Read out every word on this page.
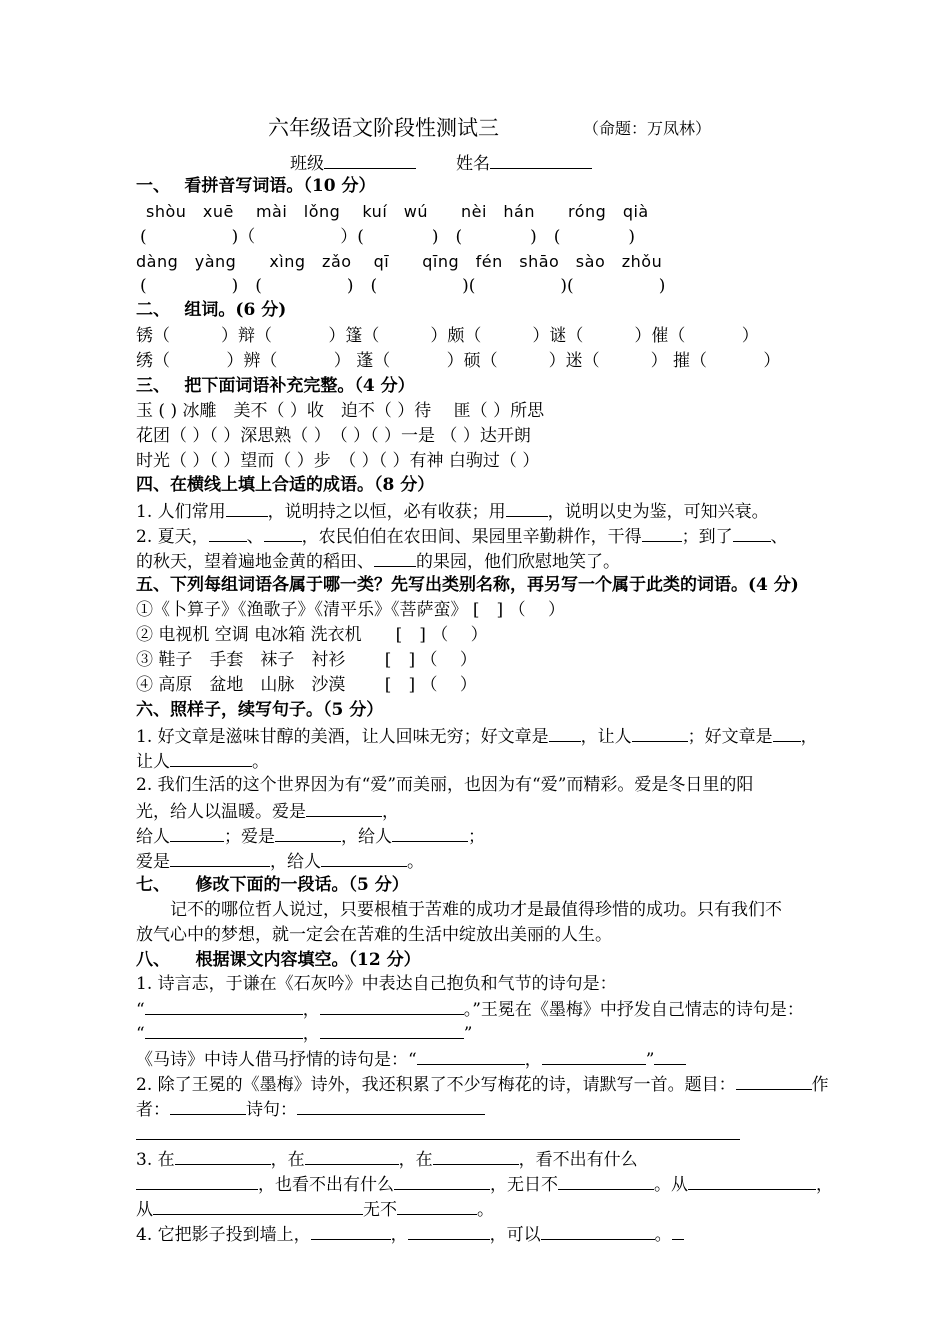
六年级语文阶段性测试三	（命题：万凤林）
班级	姓名
一、　 看拼音写词语。（10 分）
shòu　xuē　 mài　lǒng　 kuí　wú　　nèi　hán　　róng　qià
(　　　　　)（　　　　　）(　　　　)　(　　　　)　(　　　　)
dàng　yàng　　xìng　zǎo　 qī　　qīng　fén　shāo　sào　zhǒu
(　　　　　)　(　　　　　)　(　　　　　)(　　　　　)(　　　　　)
二、　 组词。(6 分)
锈（　　　）辩（　　　 ）篷（　　　）颇（　　　）谜（　　　）催（　　　 ）
绣（　　　 ）辨（　　　 ） 蓬（　　　 ）硕（　　　）迷（　　　） 摧（　　　 ）
三、　 把下面词语补充完整。（4 分）
玉 ( ) 冰雕　美不（ ）收　迫不（ ）待　 匪（ ）所思
花团（ ）（ ）深思熟（ ）　（ ）（ ）一是 （ ）达开朗
时光（ ）（ ）望而（ ）步　（ ）（ ）有神 白驹过（ ）
四、在横线上填上合适的成语。（8 分）
1. 人们常用 ，说明持之以恒，必有收获；用 ，说明以史为鉴，可知兴衰。
2. 夏天， 、 ，农民伯伯在农田间、果园里辛勤耕作，干得 ；到了 、
的秋天，望着遍地金黄的稻田、 的果园，他们欣慰地笑了。
五、下列每组词语各属于哪一类？先写出类别名称，再另写一个属于此类的词语。(4 分)
①《卜算子》《渔歌子》《清平乐》《菩萨蛮》 [　] （　 ）
② 电视机 空调 电冰箱 洗衣机　　[　] （　 ）
③ 鞋子　手套　袜子　衬衫　　 [　] （　 ）
④ 高原　盆地　山脉　沙漠　　 [　] （　 ）
六、照样子，续写句子。（5 分）
1. 好文章是滋味甘醇的美酒，让人回味无穷；好文章是 ，让人	；好文章是 ，
让人	。
2. 我们生活的这个世界因为有“爱”而美丽，也因为有“爱”而精彩。爱是冬日里的阳
光，给人以温暖。爱是	，
给人	；爱是	，给人	；
爱是	，给人	。
七、　　修改下面的一段话。（5 分）
　　记不的哪位哲人说过，只要根植于苦难的成功才是最值得珍惜的成功。只有我们不
放气心中的梦想，就一定会在苦难的生活中绽放出美丽的人生。
八、　　根据课文内容填空。（12 分）
1. 诗言志，于谦在《石灰吟》中表达自己抱负和气节的诗句是：
“	，	。”王冕在《墨梅》中抒发自己情志的诗句是：
“	，	”
《马诗》中诗人借马抒情的诗句是：“	，	”
2. 除了王冕的《墨梅》诗外，我还积累了不少写梅花的诗，请默写一首。题目：	作
者：	诗句：
3. 在	，在	，在	，看不出有什么
，也看不出有什么	，无日不	。从	，
从	无不	。
4. 它把影子投到墙上，	，	，可以	。
